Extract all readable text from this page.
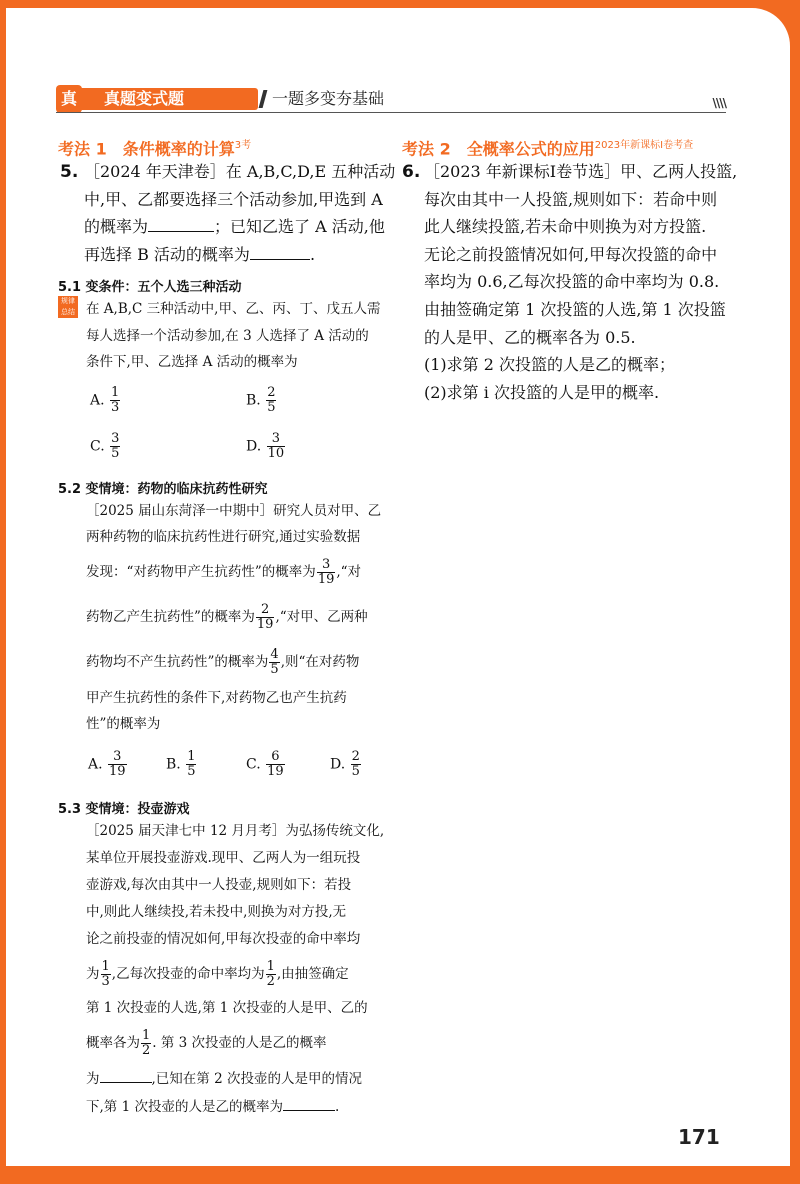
真题变式题
真	一题多变夯基础	\\\\
考法 1　条件概率的计算$^{3考}$	考法 2　全概率公式的应用$^{2023年新课标Ⅰ卷考查}$
5. ［2024 年天津卷］在 A,B,C,D,E 五种活动
中,甲、乙都要选择三个活动参加,甲选到 A
的概率为	；已知乙选了 A 活动,他
再选择 B 活动的概率为	.
5.1 变条件：五个人选三种活动
规律总结 在 A,B,C 三种活动中,甲、乙、丙、丁、戊五人需
每人选择一个活动参加,在 3 人选择了 A 活动的
条件下,甲、乙选择 A 活动的概率为
A. $\frac{1}{3}$	B. $\frac{2}{5}$
C. $\frac{3}{5}$	D. $\frac{3}{10}$
5.2 变情境：药物的临床抗药性研究
［2025 届山东菏泽一中期中］研究人员对甲、乙
两种药物的临床抗药性进行研究,通过实验数据
发现：“对药物甲产生抗药性”的概率为 $\frac{3}{19}$ ,“对
药物乙产生抗药性”的概率为 $\frac{2}{19}$ ,“对甲、乙两种
药物均不产生抗药性”的概率为 $\frac{4}{5}$ ,则“在对药物
甲产生抗药性的条件下,对药物乙也产生抗药
性”的概率为
A. $\frac{3}{19}$	B. $\frac{1}{5}$	C. $\frac{6}{19}$	D. $\frac{2}{5}$
5.3 变情境：投壶游戏
［2025 届天津七中 12 月月考］为弘扬传统文化,
某单位开展投壶游戏.现甲、乙两人为一组玩投
壶游戏,每次由其中一人投壶,规则如下：若投
中,则此人继续投,若未投中,则换为对方投,无
论之前投壶的情况如何,甲每次投壶的命中率均
为 $\frac{1}{3}$ ,乙每次投壶的命中率均为 $\frac{1}{2}$ ,由抽签确定
第 1 次投壶的人选,第 1 次投壶的人是甲、乙的
概率各为 $\frac{1}{2}$ . 第 3 次投壶的人是乙的概率
为	,已知在第 2 次投壶的人是甲的情况
下,第 1 次投壶的人是乙的概率为	.
6. ［2023 年新课标Ⅰ卷节选］甲、乙两人投篮,
每次由其中一人投篮,规则如下：若命中则
此人继续投篮,若未命中则换为对方投篮.
无论之前投篮情况如何,甲每次投篮的命中
率均为 0.6,乙每次投篮的命中率均为 0.8.
由抽签确定第 1 次投篮的人选,第 1 次投篮
的人是甲、乙的概率各为 0.5.
(1)求第 2 次投篮的人是乙的概率；
(2)求第 i 次投篮的人是甲的概率.
171
